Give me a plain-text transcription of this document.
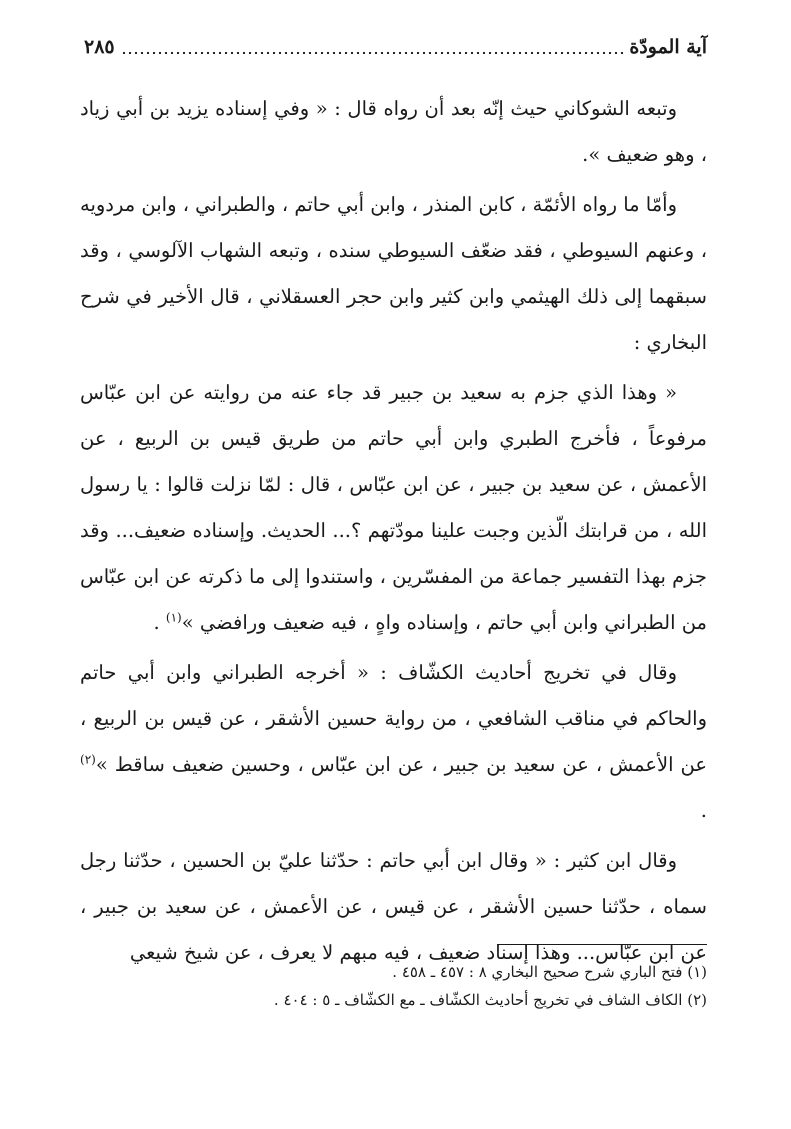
آية المودّة
٢٨٥

وتبعه الشوكاني حيث إنّه بعد أن رواه قال : « وفي إسناده يزيد بن أبي زياد ، وهو ضعيف ».

وأمّا ما رواه الأئمّة ، كابن المنذر ، وابن أبي حاتم ، والطبراني ، وابن مردويه ، وعنهم السيوطي ، فقد ضعّف السيوطي سنده ، وتبعه الشهاب الآلوسي ، وقد سبقهما إلى ذلك الهيثمي وابن كثير وابن حجر العسقلاني ، قال الأخير في شرح البخاري :

« وهذا الذي جزم به سعيد بن جبير قد جاء عنه من روايته عن ابن عبّاس مرفوعاً ، فأخرج الطبري وابن أبي حاتم من طريق قيس بن الربيع ، عن الأعمش ، عن سعيد بن جبير ، عن ابن عبّاس ، قال : لمّا نزلت قالوا : يا رسول الله ، من قرابتك الّذين وجبت علينا مودّتهم ؟... الحديث. وإسناده ضعيف... وقد جزم بهذا التفسير جماعة من المفسّرين ، واستندوا إلى ما ذكرته عن ابن عبّاس من الطبراني وابن أبي حاتم ، وإسناده واهٍ ، فيه ضعيف ورافضي »$^{(١)}$ .

وقال في تخريج أحاديث الكشّاف : « أخرجه الطبراني وابن أبي حاتم والحاكم في مناقب الشافعي ، من رواية حسين الأشقر ، عن قيس بن الربيع ، عن الأعمش ، عن سعيد بن جبير ، عن ابن عبّاس ، وحسين ضعيف ساقط »$^{(٢)}$ .

وقال ابن كثير : « وقال ابن أبي حاتم : حدّثنا عليّ بن الحسين ، حدّثنا رجل سماه ، حدّثنا حسين الأشقر ، عن قيس ، عن الأعمش ، عن سعيد بن جبير ، عن ابن عبّاس... وهذا إسناد ضعيف ، فيه مبهم لا يعرف ، عن شيخ شيعي

(١) فتح الباري شرح صحيح البخاري ٨ : ٤٥٧ ـ ٤٥٨ .
(٢) الكاف الشاف في تخريج أحاديث الكشّاف ـ مع الكشّاف ـ ٥ : ٤٠٤ .
